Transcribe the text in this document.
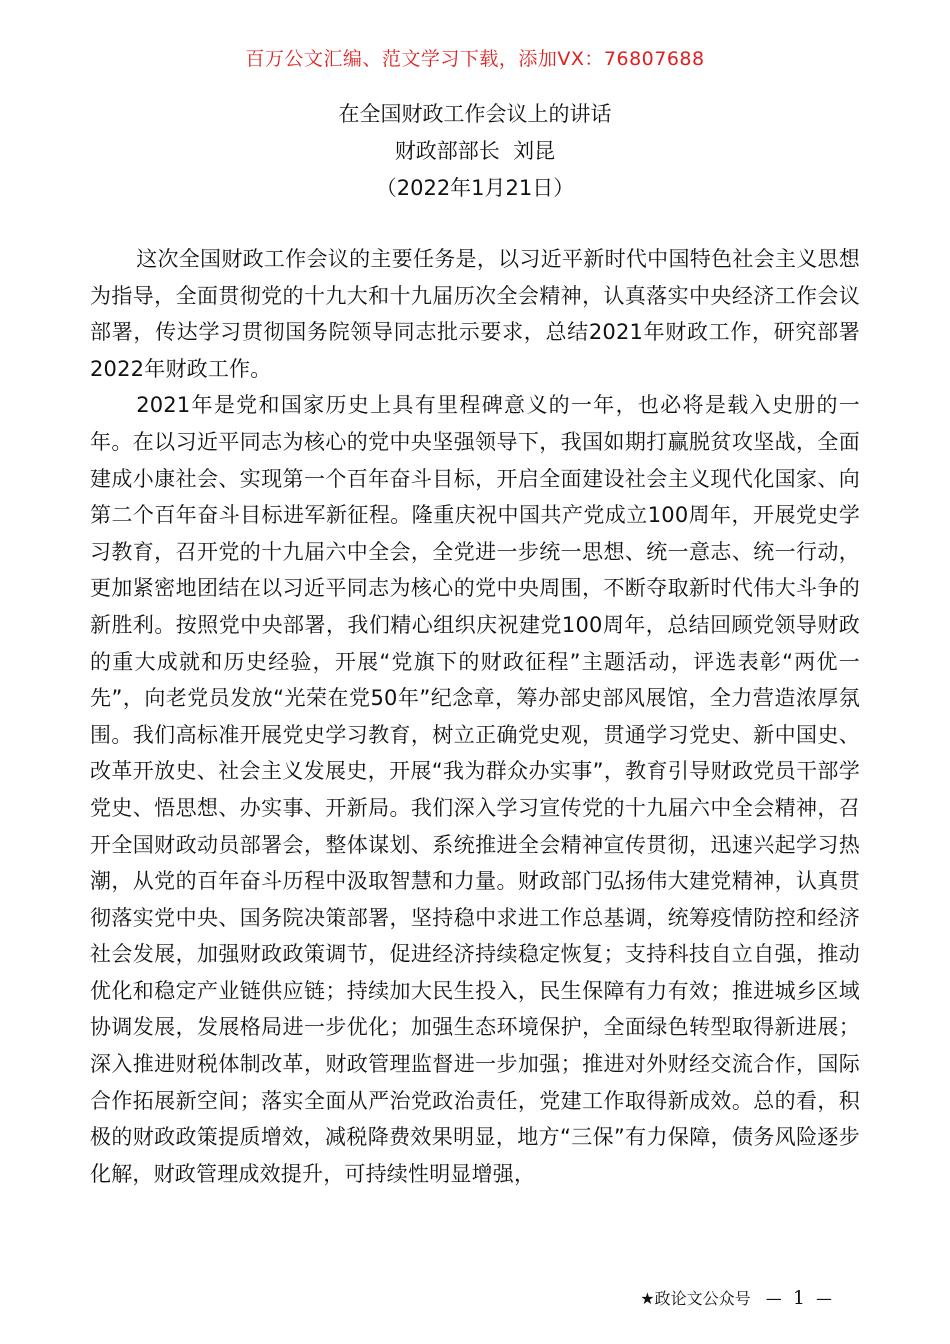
百万公文汇编、范文学习下载，添加VX：76807688
在全国财政工作会议上的讲话
财政部部长  刘昆
（2022年1月21日）

这次全国财政工作会议的主要任务是，以习近平新时代中国特色社会主义思想为指导，全面贯彻党的十九大和十九届历次全会精神，认真落实中央经济工作会议部署，传达学习贯彻国务院领导同志批示要求，总结2021年财政工作，研究部署2022年财政工作。

2021年是党和国家历史上具有里程碑意义的一年，也必将是载入史册的一年。在以习近平同志为核心的党中央坚强领导下，我国如期打赢脱贫攻坚战，全面建成小康社会、实现第一个百年奋斗目标，开启全面建设社会主义现代化国家、向第二个百年奋斗目标进军新征程。隆重庆祝中国共产党成立100周年，开展党史学习教育，召开党的十九届六中全会，全党进一步统一思想、统一意志、统一行动，更加紧密地团结在以习近平同志为核心的党中央周围，不断夺取新时代伟大斗争的新胜利。按照党中央部署，我们精心组织庆祝建党100周年，总结回顾党领导财政的重大成就和历史经验，开展“党旗下的财政征程”主题活动，评选表彰“两优一先”，向老党员发放“光荣在党50年”纪念章，筹办部史部风展馆，全力营造浓厚氛围。我们高标准开展党史学习教育，树立正确党史观，贯通学习党史、新中国史、改革开放史、社会主义发展史，开展“我为群众办实事”，教育引导财政党员干部学党史、悟思想、办实事、开新局。我们深入学习宣传党的十九届六中全会精神，召开全国财政动员部署会，整体谋划、系统推进全会精神宣传贯彻，迅速兴起学习热潮，从党的百年奋斗历程中汲取智慧和力量。财政部门弘扬伟大建党精神，认真贯彻落实党中央、国务院决策部署，坚持稳中求进工作总基调，统筹疫情防控和经济社会发展，加强财政政策调节，促进经济持续稳定恢复；支持科技自立自强，推动优化和稳定产业链供应链；持续加大民生投入，民生保障有力有效；推进城乡区域协调发展，发展格局进一步优化；加强生态环境保护，全面绿色转型取得新进展；深入推进财税体制改革，财政管理监督进一步加强；推进对外财经交流合作，国际合作拓展新空间；落实全面从严治党政治责任，党建工作取得新成效。总的看，积极的财政政策提质增效，减税降费效果明显，地方“三保”有力保障，债务风险逐步化解，财政管理成效提升，可持续性明显增强，

★政论文公众号 — 1 —
